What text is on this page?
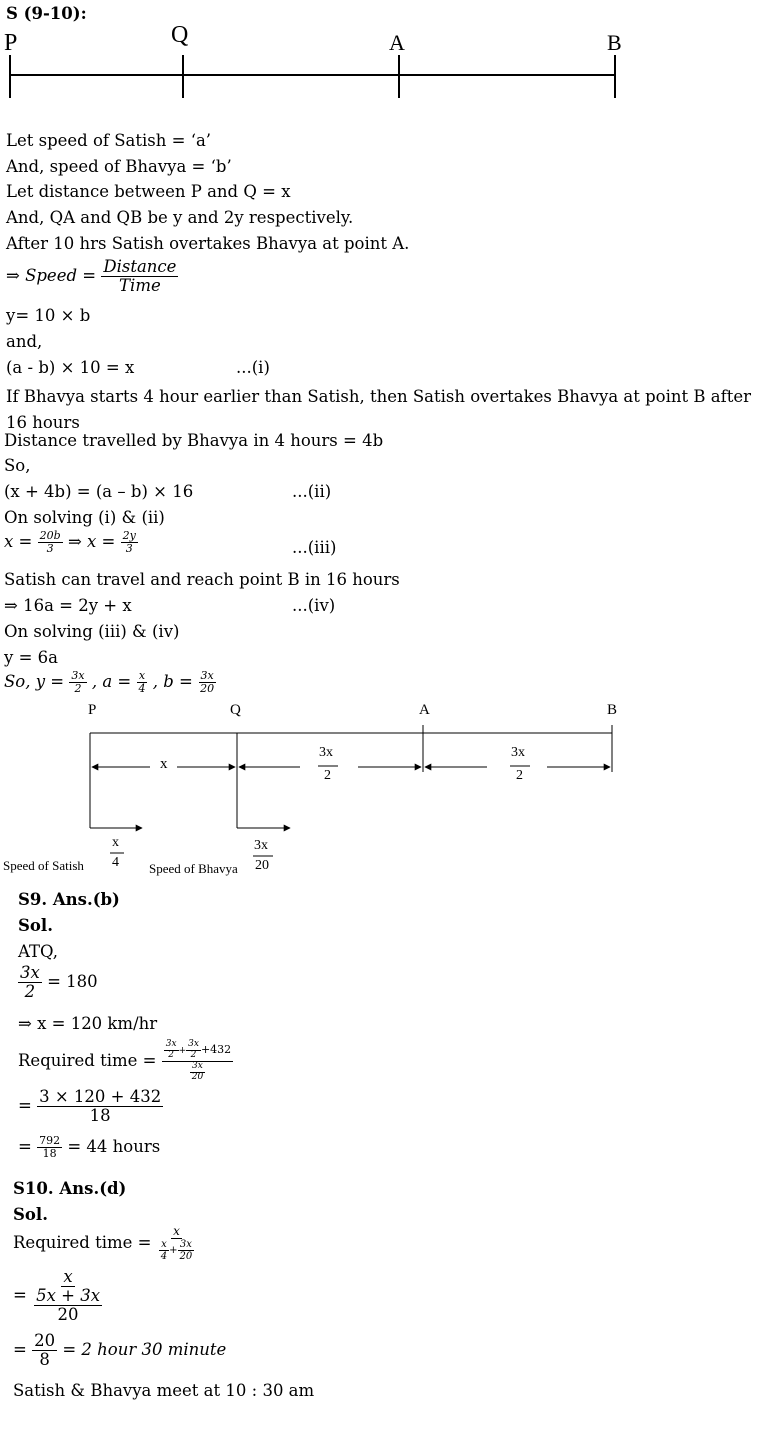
S (9-10):
P	Q	A	B
Let speed of Satish = ‘a’
And, speed of Bhavya = ‘b’
Let distance between P and Q = x
And, QA and QB be y and 2y respectively.
After 10 hrs Satish overtakes Bhavya at point A.
⇒ Speed = $\frac{\text{Distance}}{\text{Time}}$
y= 10 × b
and,
(a - b) × 10 = x	...(i)
If Bhavya starts 4 hour earlier than Satish, then Satish overtakes Bhavya at point B after 16 hours
Distance travelled by Bhavya in 4 hours = 4b
So,
(x + 4b) = (a – b) × 16	...(ii)
On solving (i) & (ii)
$x = \frac{20b}{3}$ ⇒ $x = \frac{2y}{3}$	...(iii)
Satish can travel and reach point B in 16 hours
⇒ 16a = 2y + x	...(iv)
On solving (iii) & (iv)
y = 6a
So, $y = \frac{3x}{2}$ , $a = \frac{x}{4}$ , $b = \frac{3x}{20}$
P	Q	A	B
x
3x
2
3x
2
Speed of Satish
x
4 Speed of Bhavya
3x
20
S9. Ans.(b)
Sol.
ATQ,
$\frac{3x}{2} = 180$
⇒ x = 120 km/hr
Required time = $\frac{\frac{3x}{2} + \frac{3x}{2} +432}{\frac{3x}{20}}$
= $\frac{3 \times 120 + 432}{18}$
= $\frac{792}{18} = 44$ hours
S10. Ans.(d)
Sol.
Required time = $\frac{x}{\frac{x}{4} + \frac{3x}{20}}$
= $\frac{x}{\frac{5x + 3x}{20}}$
= $\frac{20}{8} = 2$ hour 30 minute
Satish & Bhavya meet at 10 : 30 am
